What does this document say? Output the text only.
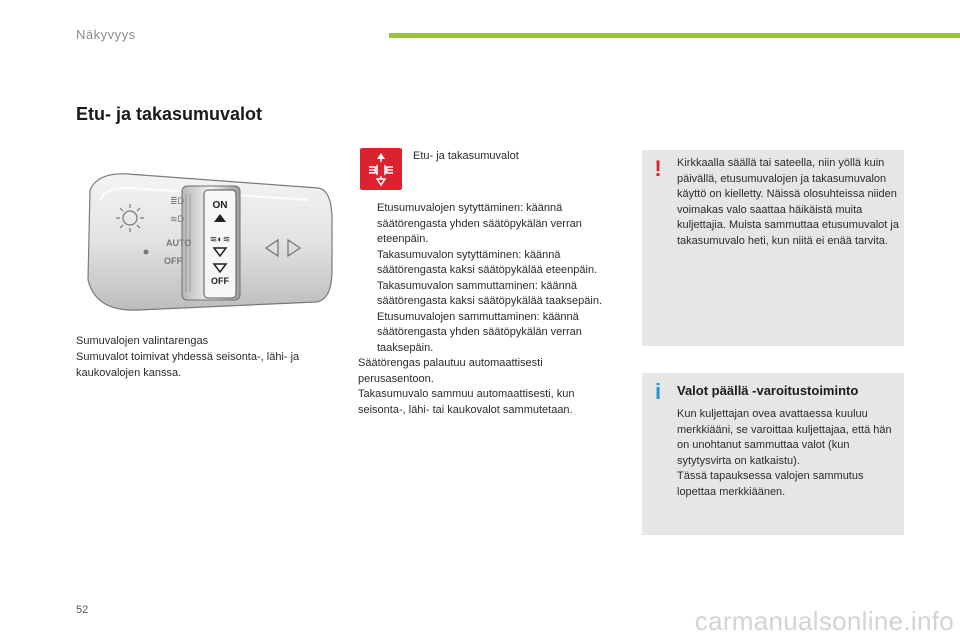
Näkyvyys
Etu- ja takasumuvalot
ON
≋◐≋
OFF
≣D
≋D
AUTO
OFF
Sumuvalojen valintarengas
Sumuvalot toimivat yhdessä seisonta-, lähi- ja kaukovalojen kanssa.
Etu- ja takasumuvalot
Etusumuvalojen sytyttäminen: käännä säätörengasta yhden säätöpykälän verran eteenpäin.
Takasumuvalon sytyttäminen: käännä säätörengasta kaksi säätöpykälää eteenpäin.
Takasumuvalon sammuttaminen: käännä säätörengasta kaksi säätöpykälää taaksepäin.
Etusumuvalojen sammuttaminen: käännä säätörengasta yhden säätöpykälän verran taaksepäin.
Säätörengas palautuu automaattisesti perusasentoon.
Takasumuvalo sammuu automaattisesti, kun seisonta-, lähi- tai kaukovalot sammutetaan.
!	Kirkkaalla säällä tai sateella, niin yöllä kuin päivällä, etusumuvalojen ja takasumuvalon käyttö on kielletty. Näissä olosuhteissa niiden voimakas valo saattaa häikäistä muita kuljettajia. Muista sammuttaa etusumuvalot ja takasumuvalo heti, kun niitä ei enää tarvita.
i	Valot päällä -varoitustoiminto
Kun kuljettajan ovea avattaessa kuuluu merkkiääni, se varoittaa kuljettajaa, että hän on unohtanut sammuttaa valot (kun sytytysvirta on katkaistu).
Tässä tapauksessa valojen sammutus lopettaa merkkiäänen.
52	carmanualsonline.info
